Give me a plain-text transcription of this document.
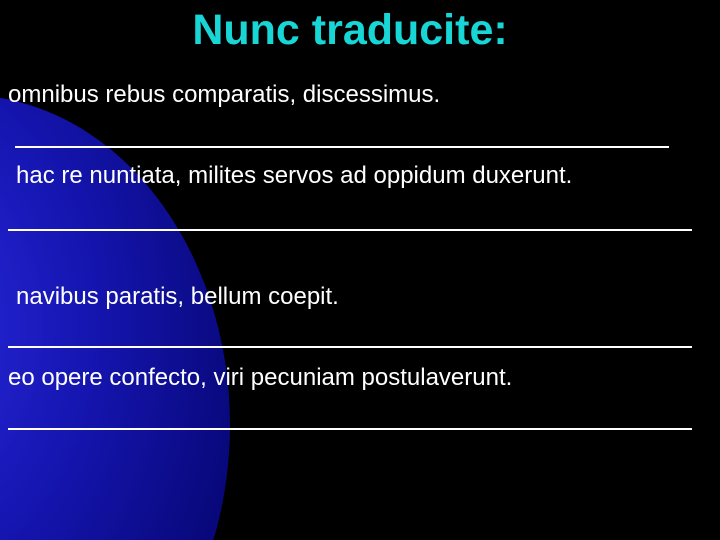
Nunc traducite:

omnibus rebus comparatis, discessimus.

hac re nuntiata, milites servos ad oppidum duxerunt.

navibus paratis, bellum coepit.

eo opere confecto, viri pecuniam postulaverunt.
